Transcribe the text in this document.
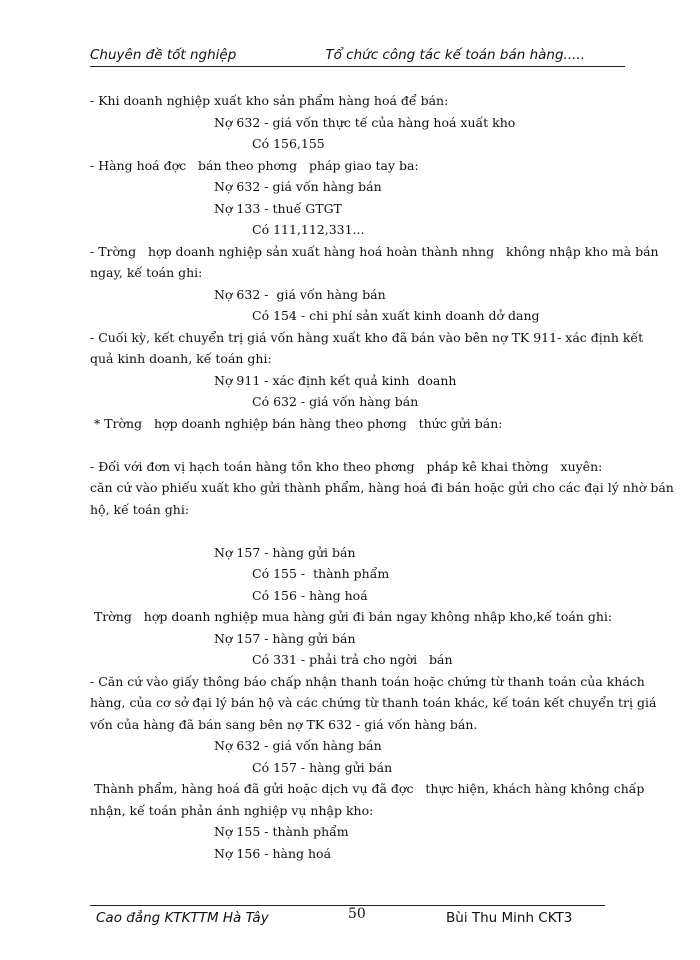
Chuyên đề tốt nghiệp	Tổ chức công tác kế toán bán hàng.....
- Khi doanh nghiệp xuất kho sản phẩm hàng hoá để bán:
Nợ 632 - giá vốn thực tế của hàng hoá xuất kho
Có 156,155
- Hàng hoá đợc   bán theo phơng   pháp giao tay ba:
Nợ 632 - giá vốn hàng bán
Nợ 133 - thuế GTGT
Có 111,112,331...
- Trờng   hợp doanh nghiệp sản xuất hàng hoá hoàn thành nhng   không nhập kho mà bán
ngay, kế toán ghi:
Nợ 632 -  giá vốn hàng bán
Có 154 - chi phí sản xuất kinh doanh dở dang
- Cuối kỳ, kết chuyển trị giá vốn hàng xuất kho đã bán vào bên nợ TK 911- xác định kết
quả kinh doanh, kế toán ghi:
Nợ 911 - xác định kết quả kinh  doanh
Có 632 - giá vốn hàng bán
* Trờng   hợp doanh nghiệp bán hàng theo phơng   thức gửi bán:
- Đối với đơn vị hạch toán hàng tồn kho theo phơng   pháp kê khai thờng   xuyên:
căn cứ vào phiếu xuất kho gửi thành phẩm, hàng hoá đi bán hoặc gửi cho các đại lý nhờ bán
hộ, kế toán ghi:
Nợ 157 - hàng gửi bán
Có 155 -  thành phẩm
Có 156 - hàng hoá
Trờng   hợp doanh nghiệp mua hàng gửi đi bán ngay không nhập kho,kế toán ghi:
Nợ 157 - hàng gửi bán
Có 331 - phải trả cho ngời   bán
- Căn cứ vào giấy thông báo chấp nhận thanh toán hoặc chứng từ thanh toán của khách
hàng, của cơ sở đại lý bán hộ và các chứng từ thanh toán khác, kế toán kết chuyển trị giá
vốn của hàng đã bán sang bên nợ TK 632 - giá vốn hàng bán.
Nợ 632 - giá vốn hàng bán
Có 157 - hàng gửi bán
Thành phẩm, hàng hoá đã gửi hoặc dịch vụ đã đợc   thực hiện, khách hàng không chấp
nhận, kế toán phản ánh nghiệp vụ nhập kho:
Nợ 155 - thành phẩm
Nợ 156 - hàng hoá
Cao đẳng KTKTTM Hà Tây	50	Bùi Thu Minh CKT3
